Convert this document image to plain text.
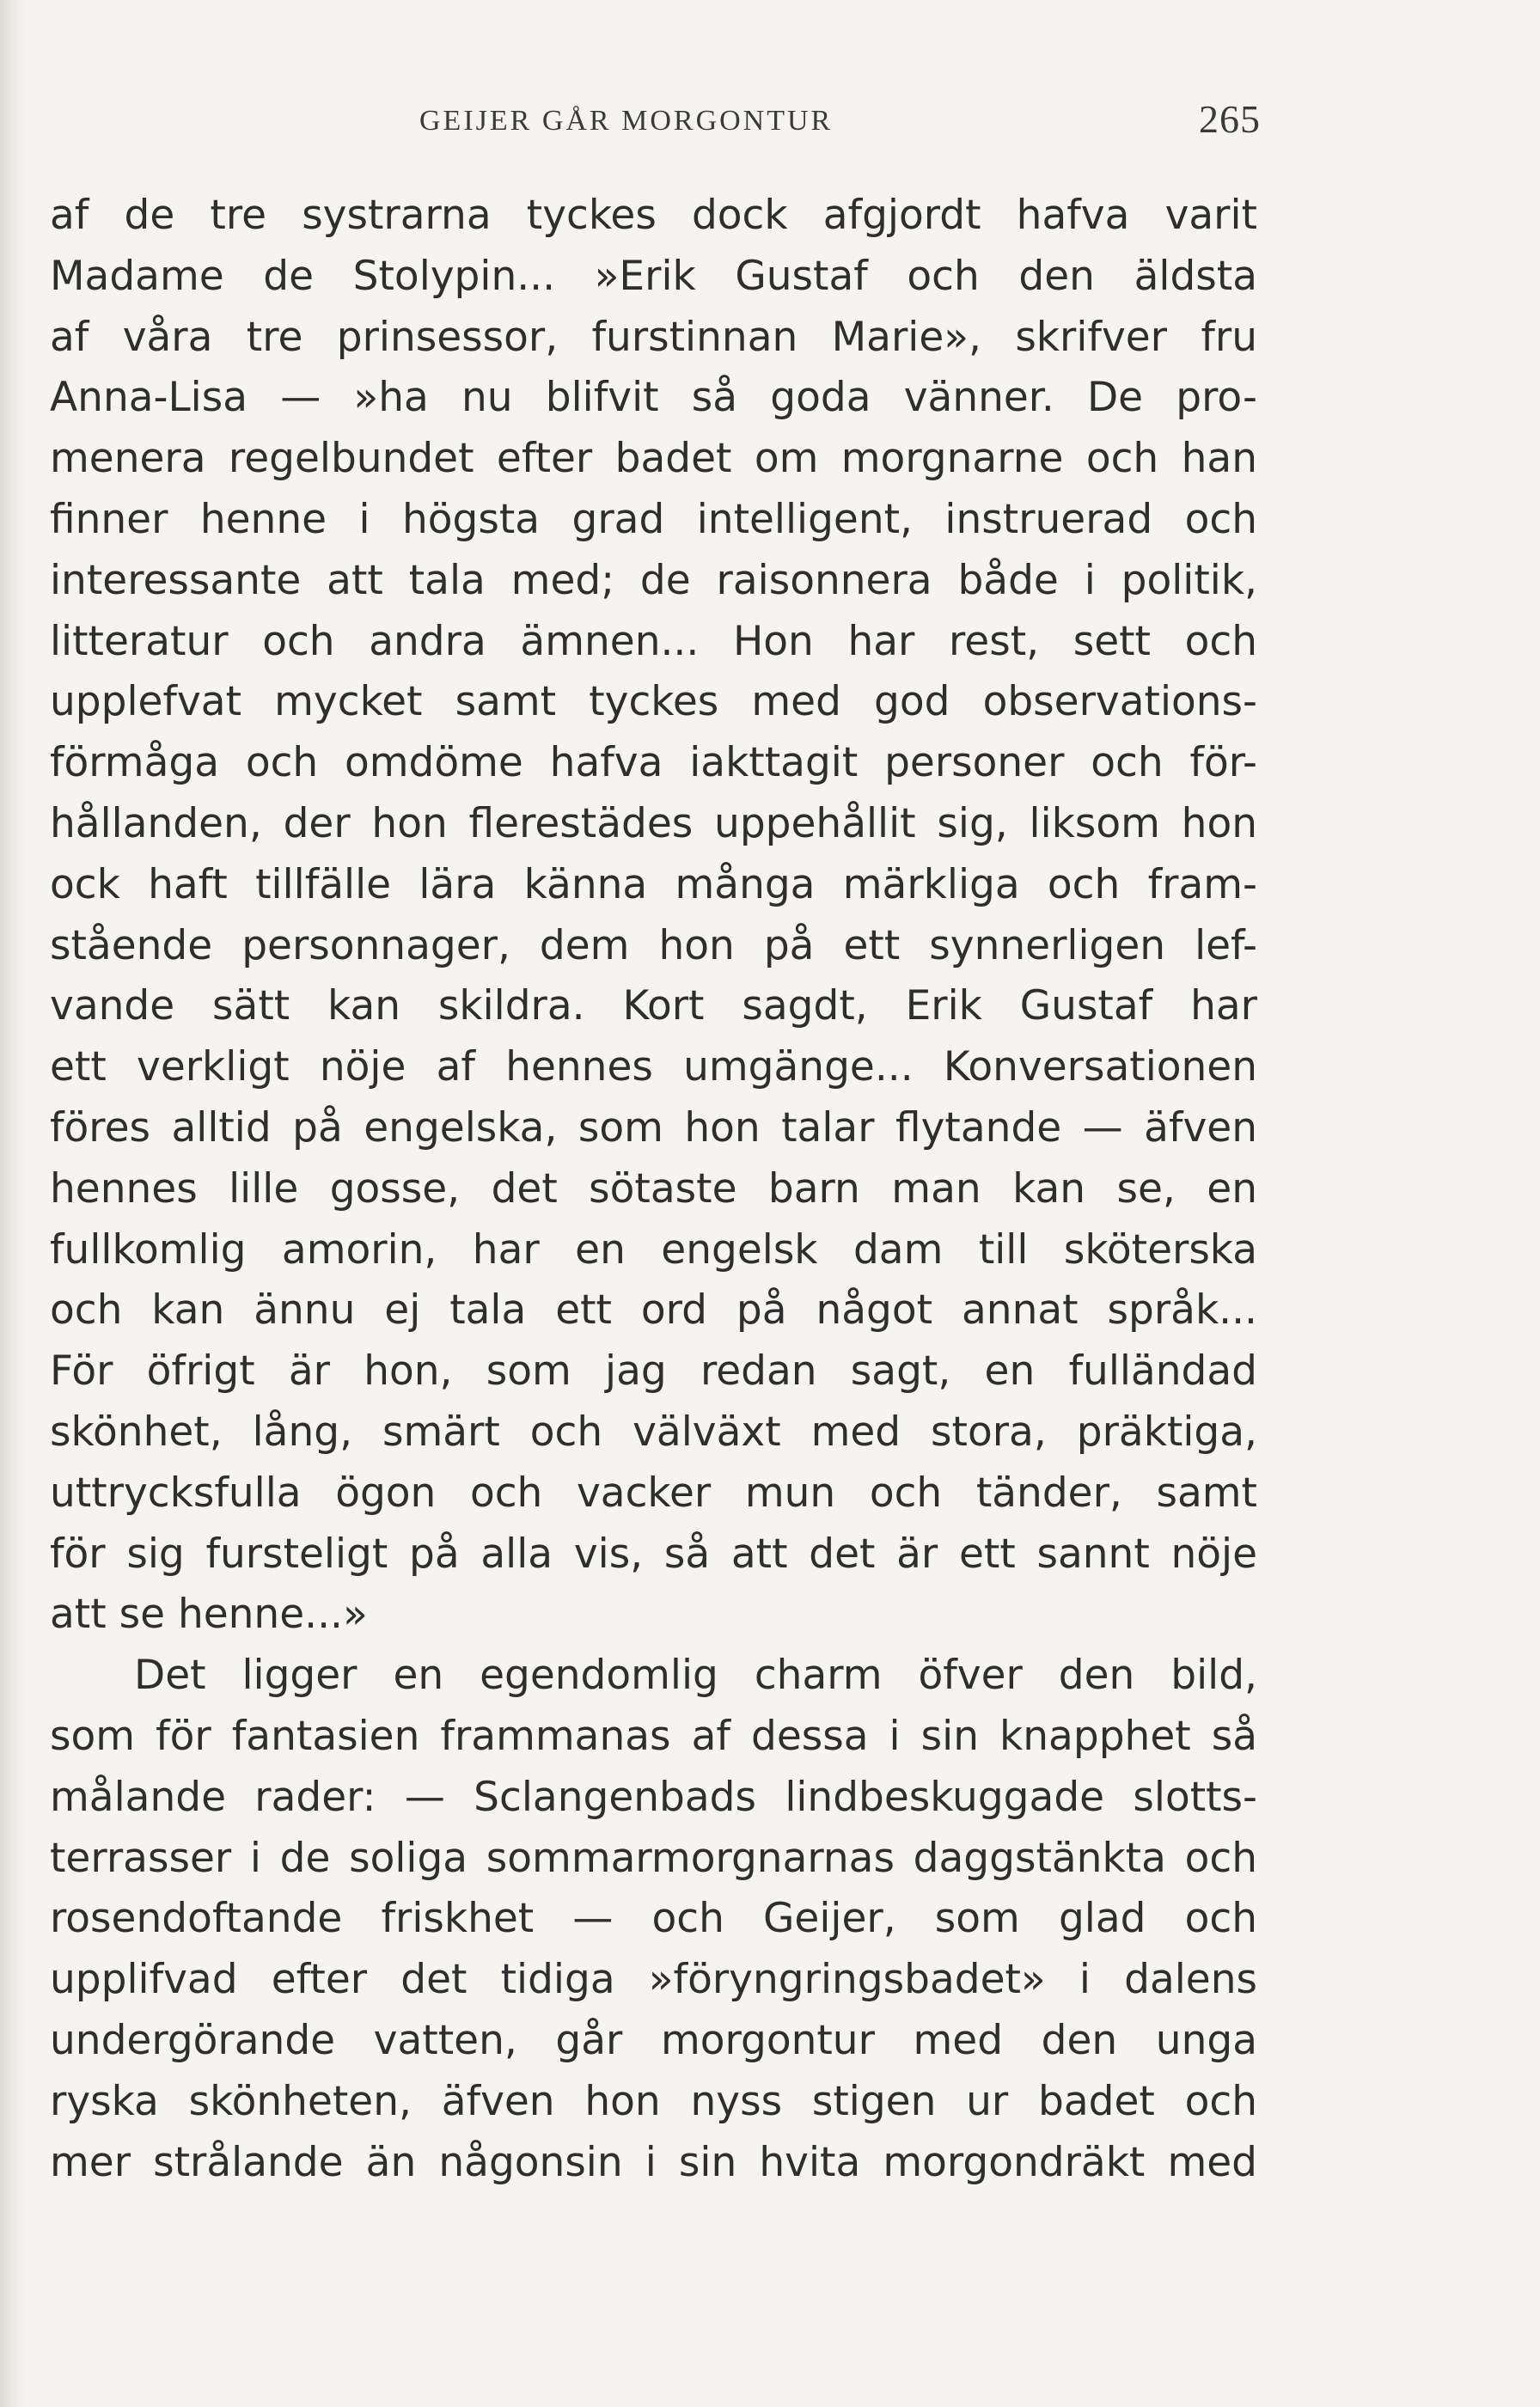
GEIJER GÅR MORGONTUR	265
af de tre systrarna tyckes dock afgjordt hafva varit
Madame de Stolypin... »Erik Gustaf och den äldsta
af våra tre prinsessor, furstinnan Marie», skrifver fru
Anna-Lisa — »ha nu blifvit så goda vänner. De pro-
menera regelbundet efter badet om morgnarne och han
finner henne i högsta grad intelligent, instruerad och
interessante att tala med; de raisonnera både i politik,
litteratur och andra ämnen... Hon har rest, sett och
upplefvat mycket samt tyckes med god observations-
förmåga och omdöme hafva iakttagit personer och för-
hållanden, der hon flerestädes uppehållit sig, liksom hon
ock haft tillfälle lära känna många märkliga och fram-
stående personnager, dem hon på ett synnerligen lef-
vande sätt kan skildra. Kort sagdt, Erik Gustaf har
ett verkligt nöje af hennes umgänge... Konversationen
föres alltid på engelska, som hon talar flytande — äfven
hennes lille gosse, det sötaste barn man kan se, en
fullkomlig amorin, har en engelsk dam till sköterska
och kan ännu ej tala ett ord på något annat språk...
För öfrigt är hon, som jag redan sagt, en fulländad
skönhet, lång, smärt och välväxt med stora, präktiga,
uttrycksfulla ögon och vacker mun och tänder, samt
för sig fursteligt på alla vis, så att det är ett sannt nöje
att se henne...»
Det ligger en egendomlig charm öfver den bild,
som för fantasien frammanas af dessa i sin knapphet så
målande rader: — Sclangenbads lindbeskuggade slotts-
terrasser i de soliga sommarmorgnarnas daggstänkta och
rosendoftande friskhet — och Geijer, som glad och
upplifvad efter det tidiga »föryngringsbadet» i dalens
undergörande vatten, går morgontur med den unga
ryska skönheten, äfven hon nyss stigen ur badet och
mer strålande än någonsin i sin hvita morgondräkt med
